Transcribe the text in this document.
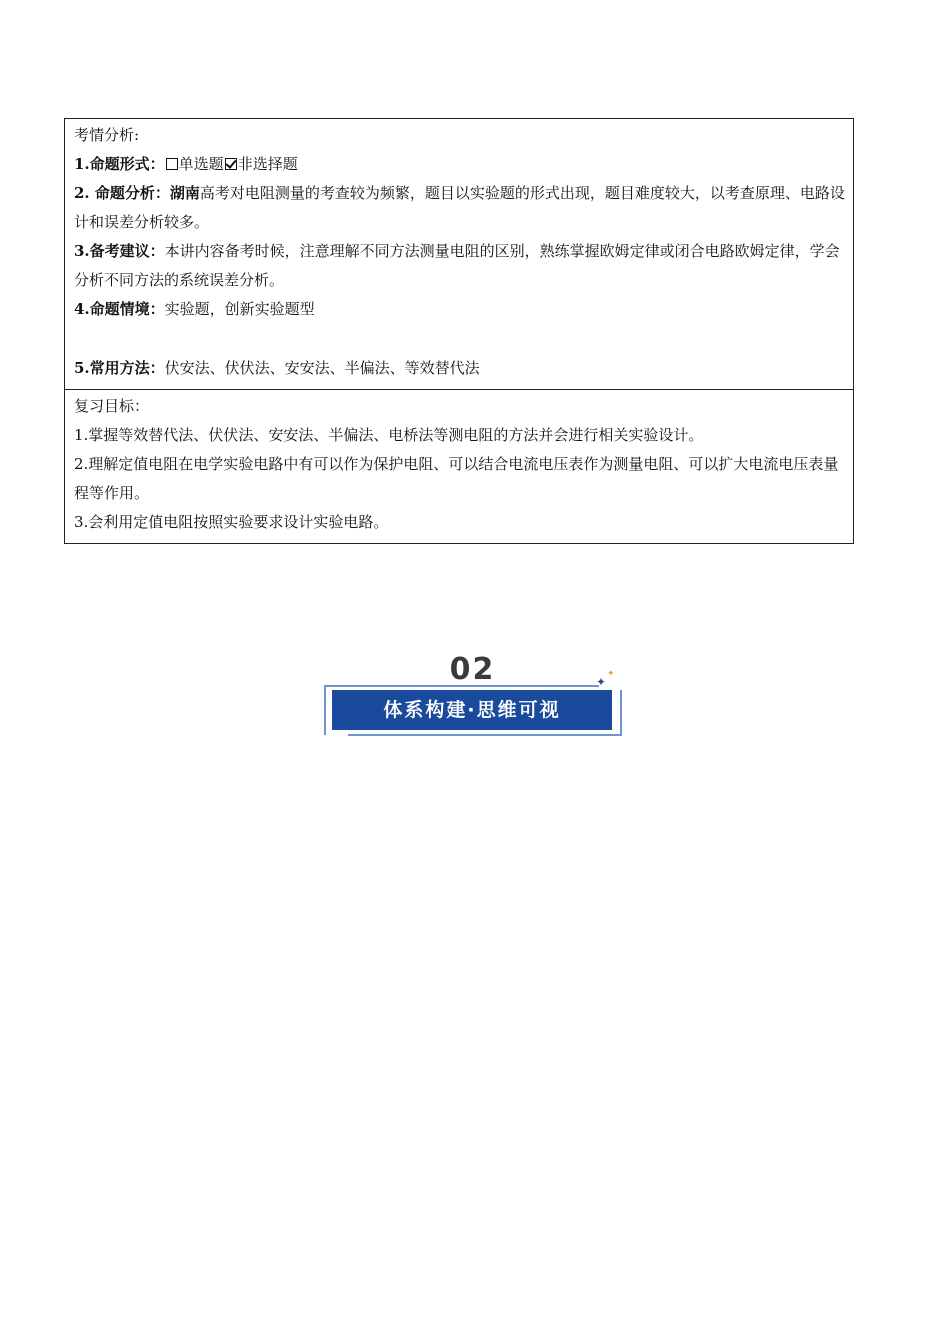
考情分析:

1.命题形式： 单选题 非选择题

2. 命题分析：湖南高考对电阻测量的考查较为频繁，题目以实验题的形式出现，题目难度较大，以考查原理、电路设计和误差分析较多。

3.备考建议：本讲内容备考时候，注意理解不同方法测量电阻的区别，熟练掌握欧姆定律或闭合电路欧姆定律，学会分析不同方法的系统误差分析。

4.命题情境：实验题，创新实验题型

5.常用方法：伏安法、伏伏法、安安法、半偏法、等效替代法

复习目标：

1.掌握等效替代法、伏伏法、安安法、半偏法、电桥法等测电阻的方法并会进行相关实验设计。

2.理解定值电阻在电学实验电路中有可以作为保护电阻、可以结合电流电压表作为测量电阻、可以扩大电流电压表量程等作用。

3.会利用定值电阻按照实验要求设计实验电路。

02
体系构建·思维可视
✦
✦
